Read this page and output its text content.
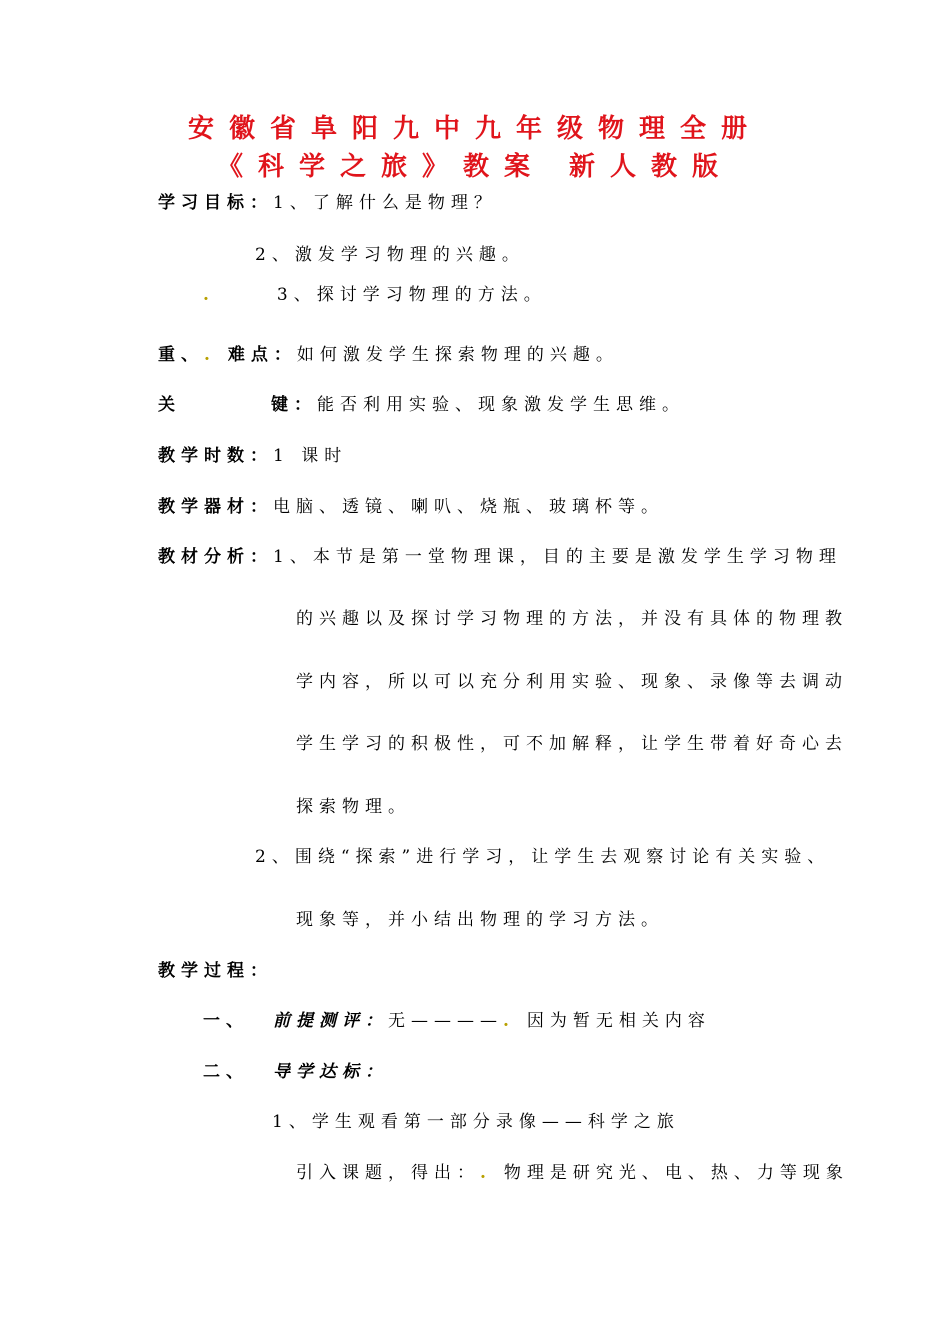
安徽省阜阳九中九年级物理全册
《科学之旅》教案 新人教版
学习目标：1、了解什么是物理？
2、激发学习物理的兴趣。
.	3、探讨学习物理的方法。
重、. 难点：如何激发学生探索物理的兴趣。
关	键：能否利用实验、现象激发学生思维。
教学时数：1 课时
教学器材：电脑、透镜、喇叭、烧瓶、玻璃杯等。
教材分析：1、本节是第一堂物理课，目的主要是激发学生学习物理
的兴趣以及探讨学习物理的方法，并没有具体的物理教
学内容，所以可以充分利用实验、现象、录像等去调动
学生学习的积极性，可不加解释，让学生带着好奇心去
探索物理。
2、围绕“探索”进行学习，让学生去观察讨论有关实验、
现象等，并小结出物理的学习方法。
教学过程：
一、 前提测评：无————. 因为暂无相关内容
二、 导学达标：
1、学生观看第一部分录像——科学之旅
引入课题，得出：. 物理是研究光、电、热、力等现象
